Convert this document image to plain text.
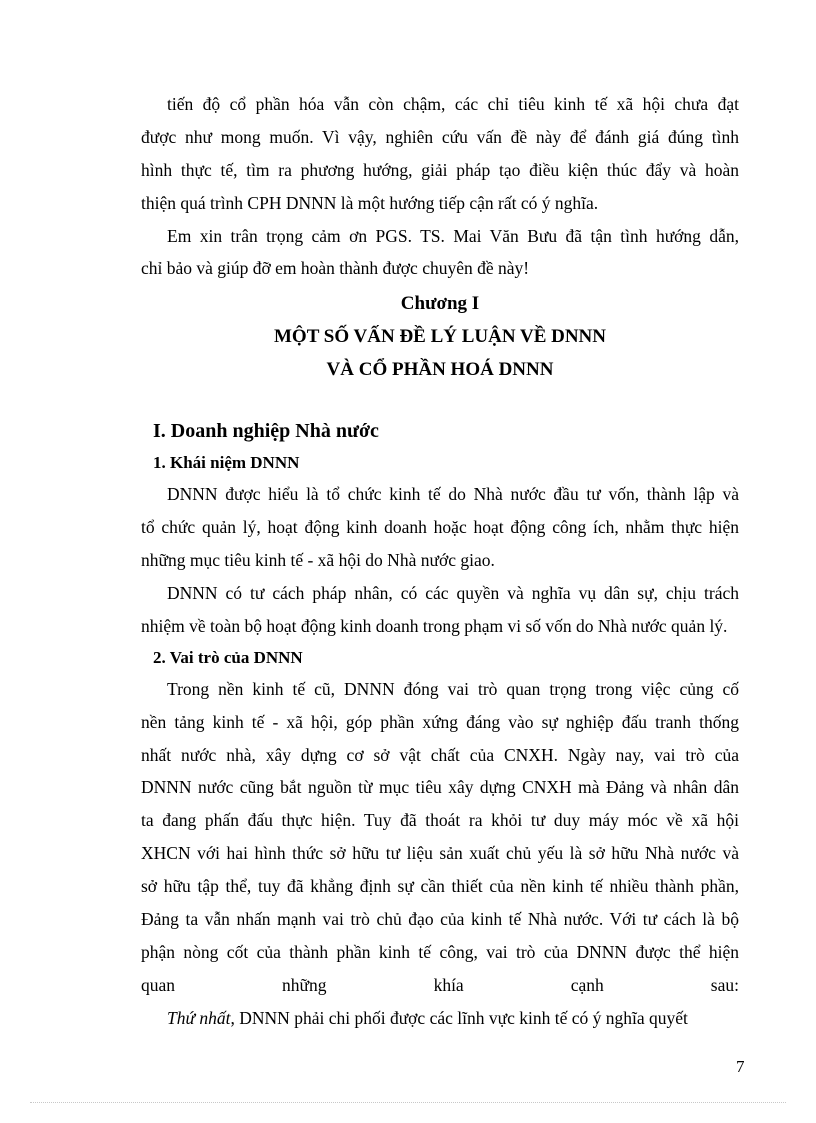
tiến độ cổ phần hóa vẫn còn chậm, các chỉ tiêu kinh tế xã hội chưa đạt
được như mong muốn. Vì vậy, nghiên cứu vấn đề này để đánh giá đúng tình
hình thực tế, tìm ra phương hướng, giải pháp tạo điều kiện thúc đẩy và hoàn
thiện quá trình CPH DNNN là một hướng tiếp cận rất có ý nghĩa.
Em xin trân trọng cảm ơn PGS. TS. Mai Văn Bưu đã tận tình hướng dẫn,
chỉ bảo và giúp đỡ em hoàn thành được chuyên đề này!
Chương I
MỘT SỐ VẤN ĐỀ LÝ LUẬN VỀ DNNN
VÀ CỔ PHẦN HOÁ DNNN
I. Doanh nghiệp Nhà nước
1. Khái niệm DNNN
DNNN được hiểu là tổ chức kinh tế do Nhà nước đầu tư vốn, thành lập và
tổ chức quản lý, hoạt động kinh doanh hoặc hoạt động công ích, nhằm thực hiện
những mục tiêu kinh tế - xã hội do Nhà nước giao.
DNNN có tư cách pháp nhân, có các quyền và nghĩa vụ dân sự, chịu trách
nhiệm về toàn bộ hoạt động kinh doanh trong phạm vi số vốn do Nhà nước quản lý.
2. Vai trò của DNNN
Trong nền kinh tế cũ, DNNN đóng vai trò quan trọng trong việc củng cố
nền tảng kinh tế - xã hội, góp phần xứng đáng vào sự nghiệp đấu tranh thống
nhất nước nhà, xây dựng cơ sở vật chất của CNXH. Ngày nay, vai trò của
DNNN nước cũng bắt nguồn từ mục tiêu xây dựng CNXH mà Đảng và nhân dân
ta đang phấn đấu thực hiện. Tuy đã thoát ra khỏi tư duy máy móc về xã hội
XHCN với hai hình thức sở hữu tư liệu sản xuất chủ yếu là sở hữu Nhà nước và
sở hữu tập thể, tuy đã khẳng định sự cần thiết của nền kinh tế nhiều thành phần,
Đảng ta vẫn nhấn mạnh vai trò chủ đạo của kinh tế Nhà nước. Với tư cách là bộ
phận nòng cốt của thành phần kinh tế công, vai trò của DNNN được thể hiện
quan những khía cạnh sau:
Thứ nhất, DNNN phải chi phối được các lĩnh vực kinh tế có ý nghĩa quyết
7
